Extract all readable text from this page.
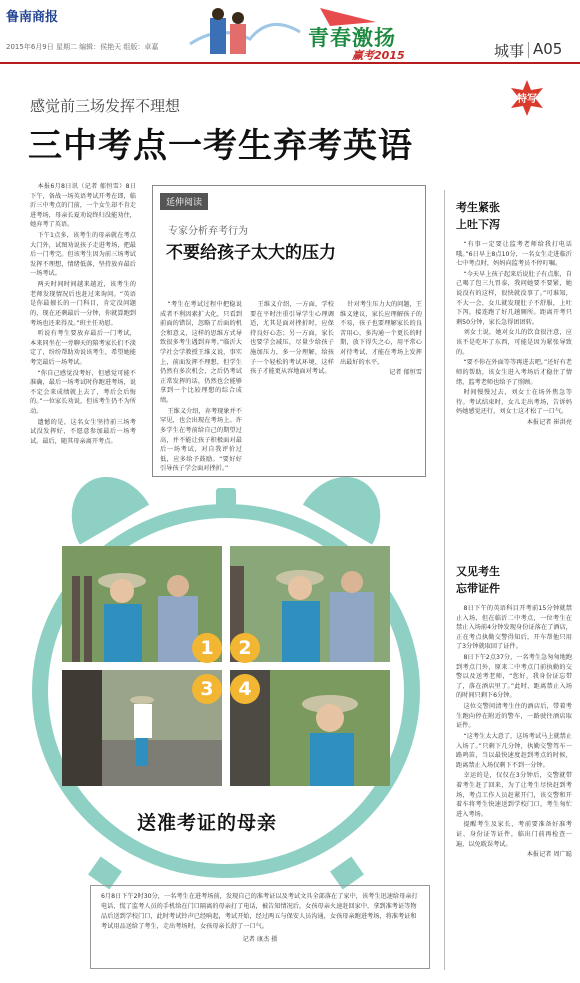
鲁南商报
2015年6月9日 星期二 编辑：侯艳天 组版：卓嘉	青春激扬
赢考2015	城事 A05
特写
感觉前三场发挥不理想
三中考点一考生弃考英语

本报6月8日讯（记者 郁恒雪）8日下午，备战一场英语考试开考在即，临沂三中考点的门前，一个女生却不肯走进考场，母亲长夏劝说终归没能劝住，她弃考了英语。

下午1点多，该考生的母亲就在考点大门外，试图劝说孩子走进考场，把最后一门考完。但该考生因为前三场考试发挥不理想，情绪低落，坚持放弃最后一场考试。

两天时间时间越来越近，该考生的老师发现情况后也赶过来询问。“英语是你最擅长的一门科目，肯定没问题的，现在还剩最后一分钟，你就算跑到考场也还来得及。”班主任劝慰。

听说有考生要放弃最后一门考试，本来同坐在一旁聊天的陪考家长们不淡定了，纷纷帮助劝说该考生，希望她能考完最后一场考试。

“你自己感觉没考好，但感觉可能不准确，最后一场考试时你跑进考场，说不定会来成绩就上去了，考后会后悔的。”一位家长劝说，但该考生仍不为所动。

遗憾的是，这名女生坚持前三场考试没发挥好，不愿意参加最后一场考试。最后，随其母亲离开考点。

延伸阅读
专家分析弃考行为
不要给孩子太大的压力

“考生在考试过程中把稳说成者不利因素扩大化，只看到前面的错误，忽略了后面的机会和意义，这样的思维方式导致很多考生遇到弃考。”临沂大学社会学教授王维义说，事实上，前面发挥不理想，但学生仍然有多次机会，之后仍考试正常发挥的话，仍然也会能够拿到一个比较理想的综合成绩。

王维义介绍，弃考现象并不罕见，也会出现在考场上。许多学生在考前给自己的期望过高，并不能让孩子积极面对最后一场考试，对自我评价过低，应多给予鼓励。“要好好引导孩子学会面对挫折。”

王维义介绍，一方面，学校要在平时注重引导学生心理调适，尤其是面对挫折时，应保持良好心态；另一方面，家长也要学会减压，尽量少给孩子施加压力，多一分理解，给孩子一个轻松的考试环境，这样孩子才能更从容地面对考试。

针对考生压力大的问题，王维义建议，家长应理解孩子的不易，孩子也要理解家长的良苦用心，多沟通一个更长的时期，放下得失之心，用平常心对待考试，才能在考场上发挥出最好的水平。

记者 郁恒雪

考生紧张
上吐下泻

“有事一定要让监考老师给我打电话哦。”6日早上8点10分，一名女生走进临沂七中考点时，妈妈向监考员不停叮嘱。

“今天早上孩子起来后说肚子有点胀，自己喝了包三九胃泰，我问她要不要紧，她说没有的这样，很快就没事了。”可谁知，不大一会，女儿就发现肚子不舒服，上吐下泻，接连跑了好几趟厕所。距离开考只剩50分钟，家长急得团团转。

刘女士说，她对女儿的饮食很注意，应该不是吃坏了东西，可能是因为紧张导致的。

“要不你在外面等等再进去吧。”还好有老师的帮助，该女生进入考场后才稳住了情绪，监考老师也给予了照顾。

时间慢慢过去，刘女士在场外焦急等待。考试结束时，女儿走出考场，告诉妈妈她感觉还行，刘女士这才松了一口气。

本报记者 崔洪亮

又见考生
忘带证件

8日下午的英语科目开考前15分钟就禁止入场，但在临沂二中考点，一位考生在禁止入场前4分钟发现身份证落在了酒店，正在考点执勤交警得知后，开车帮他只用了3分钟就取回了证件。

8日下午2点37分，一名考生急匆匆地跑到考点门外，原来二中考点门前执勤的交警以及送考老师，“您好，我身份证忘带了，落在酒店里了。”此时，距离禁止入场的时间只剩下6分钟。

这位交警问清考生住的酒店后，带着考生跑向停在附近的警车，一路驶往酒店取证件。

“这考生太大意了，这场考试马上就禁止入场了。”只剩下几分钟，执勤交警驾车一路鸣笛，当以最快速度赶到考点的时候，距离禁止入场仅剩下不到一分钟。

幸运的是，仅仅在3分钟后，交警就带着考生赶了回来，为了让考生尽快赶到考场，考点工作人员赶紧开门，该交警和开着车将考生快速送到学校门口，考生匆忙进入考场。

提醒考生及家长，考前要准备好准考证、身份证等证件，临出门前再检查一遍，以免耽误考试。

本报记者 周广聪

1	2
3	4
送准考证的母亲
6月8日下午2时30分，一名考生在进考场前，发现自己的准考证以及考试文具全部落在了家中，该考生迅速给母亲打电话，慌了监考人员的手机给在门口隔离的母亲打了电话，被告知情况后，女孩母亲火速赶回家中，拿到准考证等物品后送到学校门口，此时考试铃声已经响起，考试开始，经过两五与保安人员沟通，女孩母亲跑进考场，将准考证和考试用品送给了考生，走出考场时，女孩母亲长舒了一口气。
记者 康杰 摄
